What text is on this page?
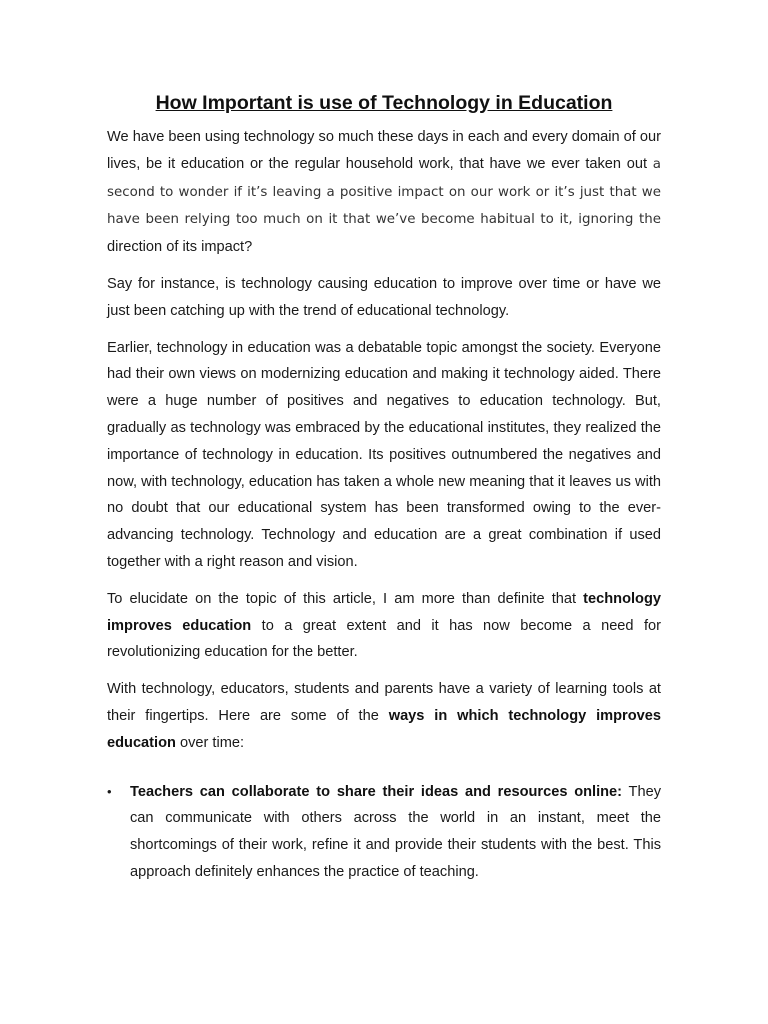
How Important is use of Technology in Education

We have been using technology so much these days in each and every domain of our lives, be it education or the regular household work, that have we ever taken out a second to wonder if it’s leaving a positive impact on our work or it’s just that we have been relying too much on it that we’ve become habitual to it, ignoring the direction of its impact?

Say for instance, is technology causing education to improve over time or have we just been catching up with the trend of educational technology.

Earlier, technology in education was a debatable topic amongst the society. Everyone had their own views on modernizing education and making it technology aided. There were a huge number of positives and negatives to education technology. But, gradually as technology was embraced by the educational institutes, they realized the importance of technology in education. Its positives outnumbered the negatives and now, with technology, education has taken a whole new meaning that it leaves us with no doubt that our educational system has been transformed owing to the ever-advancing technology. Technology and education are a great combination if used together with a right reason and vision.

To elucidate on the topic of this article, I am more than definite that technology improves education to a great extent and it has now become a need for revolutionizing education for the better.

With technology, educators, students and parents have a variety of learning tools at their fingertips. Here are some of the ways in which technology improves education over time:

• Teachers can collaborate to share their ideas and resources online: They can communicate with others across the world in an instant, meet the shortcomings of their work, refine it and provide their students with the best. This approach definitely enhances the practice of teaching.
